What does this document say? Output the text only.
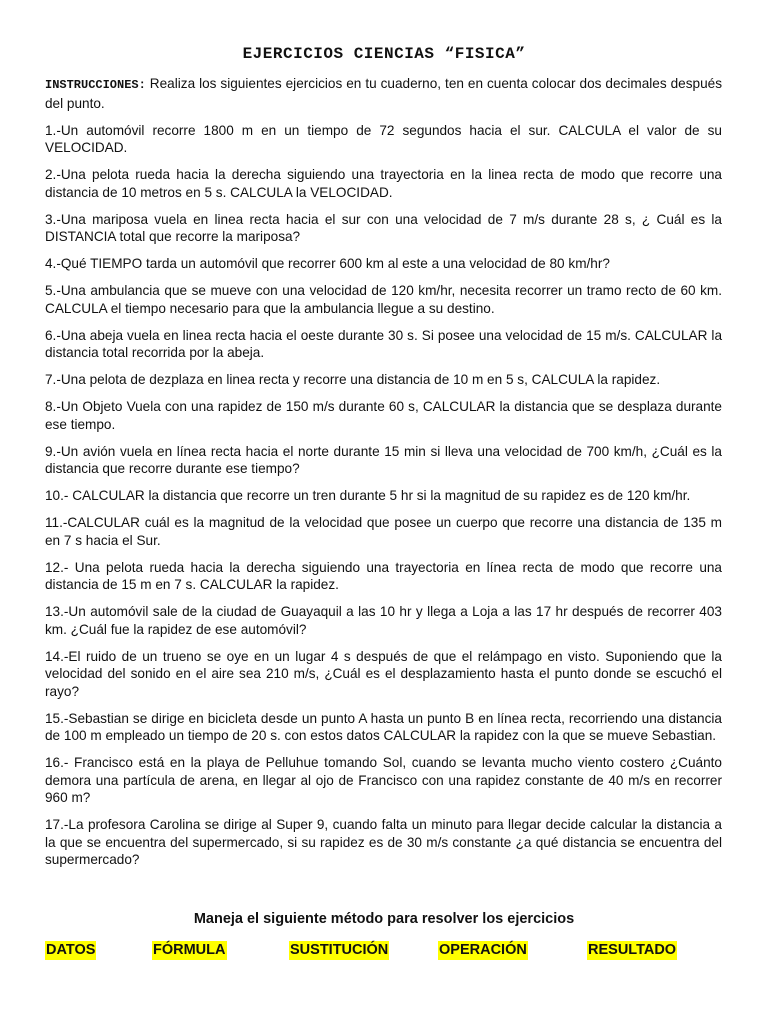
EJERCICIOS CIENCIAS “FISICA”

INSTRUCCIONES: Realiza los siguientes ejercicios en tu cuaderno, ten en cuenta colocar dos decimales después del punto.

1.-Un automóvil recorre 1800 m en un tiempo de 72 segundos hacia el sur. CALCULA el valor de su VELOCIDAD.

2.-Una pelota rueda hacia la derecha siguiendo una trayectoria en la linea recta de modo que recorre una distancia de 10 metros en 5 s. CALCULA la VELOCIDAD.

3.-Una mariposa vuela en linea recta hacia el sur con una velocidad de 7 m/s durante 28 s, ¿ Cuál es la DISTANCIA total que recorre la mariposa?

4.-Qué TIEMPO tarda un automóvil que recorrer 600 km al este a una velocidad de 80 km/hr?

5.-Una ambulancia que se mueve con una velocidad de 120 km/hr, necesita recorrer un tramo recto de 60 km. CALCULA el tiempo necesario para que la ambulancia llegue a su destino.

6.-Una abeja vuela en linea recta hacia el oeste durante 30 s. Si posee una velocidad de 15 m/s. CALCULAR la distancia total recorrida por la abeja.

7.-Una pelota de dezplaza en linea recta y recorre una distancia de 10 m en 5 s, CALCULA la rapidez.

8.-Un Objeto Vuela con una rapidez de 150 m/s durante 60 s, CALCULAR la distancia que se desplaza durante ese tiempo.

9.-Un avión vuela en línea recta hacia el norte durante 15 min si lleva una velocidad de 700 km/h, ¿Cuál es la distancia que recorre durante ese tiempo?

10.- CALCULAR la distancia que recorre un tren durante 5 hr si la magnitud de su rapidez es de 120 km/hr.

11.-CALCULAR cuál es la magnitud de la velocidad que posee un cuerpo que recorre una distancia de 135 m en 7 s hacia el Sur.

12.- Una pelota rueda hacia la derecha siguiendo una trayectoria en línea recta de modo que recorre una distancia de 15 m en 7 s. CALCULAR la rapidez.

13.-Un automóvil sale de la ciudad de Guayaquil a las 10 hr y llega a Loja a las 17 hr después de recorrer 403 km. ¿Cuál fue la rapidez de ese automóvil?

14.-El ruido de un trueno se oye en un lugar 4 s después de que el relámpago en visto. Suponiendo que la velocidad del sonido en el aire sea 210 m/s, ¿Cuál es el desplazamiento hasta el punto donde se escuchó el rayo?

15.-Sebastian se dirige en bicicleta desde un punto A hasta un punto B en línea recta, recorriendo una distancia de 100 m empleado un tiempo de 20 s. con estos datos CALCULAR la rapidez con la que se mueve Sebastian.

16.- Francisco está en la playa de Pelluhue tomando Sol, cuando se levanta mucho viento costero ¿Cuánto demora una partícula de arena, en llegar al ojo de Francisco con una rapidez constante de 40 m/s en recorrer 960 m?

17.-La profesora Carolina se dirige al Super 9, cuando falta un minuto para llegar decide calcular la distancia a la que se encuentra del supermercado, si su rapidez es de 30 m/s constante ¿a qué distancia se encuentra del supermercado?

Maneja el siguiente método para resolver los ejercicios
DATOS	FÓRMULA	SUSTITUCIÓN	OPERACIÓN	RESULTADO
